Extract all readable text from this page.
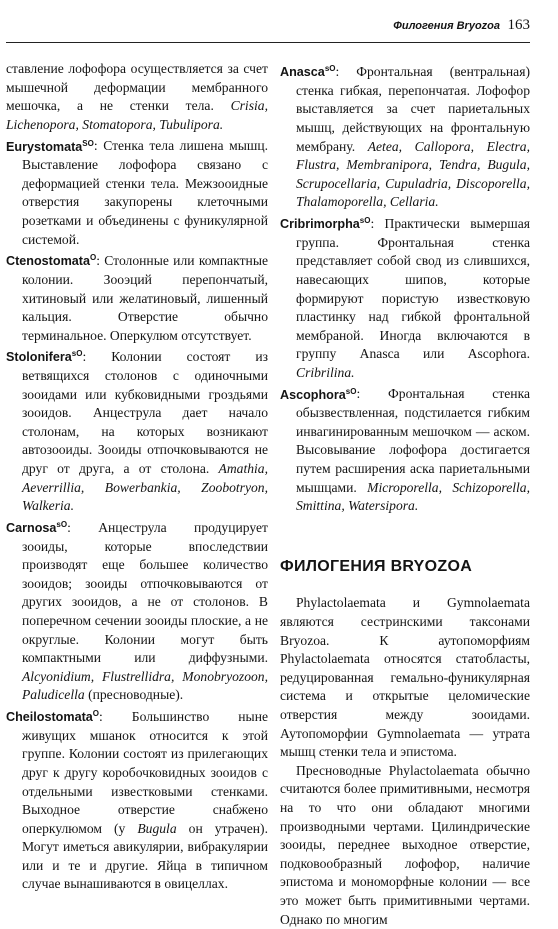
Филогения Bryozoa 163

ставление лофофора осуществляется за счет мышечной деформации мембранного мешочка, а не стенки тела. Crisia, Lichenopora, Stomatopora, Tubulipora.

Eurystomata$^{SO}$: Стенка тела лишена мышц. Выставление лофофора связано с деформацией стенки тела. Межзооидные отверстия закупорены клеточными розетками и объединены с фуникулярной системой.

Ctenostomata$^O$: Столонные или компактные колонии. Зооэций перепончатый, хитиновый или желатиновый, лишенный кальция. Отверстие обычно терминальное. Оперкулюм отсутствует.

Stolonifera$^{sO}$: Колонии состоят из ветвящихся столонов с одиночными зооидами или кубковидными гроздьями зооидов. Анцеструла дает начало столонам, на которых возникают автозооиды. Зооиды отпочковываются не друг от друга, а от столона. Amathia, Aeverrillia, Bowerbankia, Zoobotryon, Walkeria.

Carnosa$^{sO}$: Анцеструла продуцирует зооиды, которые впоследствии производят еще большее количество зооидов; зооиды отпочковываются от других зооидов, а не от столонов. В поперечном сечении зооиды плоские, а не округлые. Колонии могут быть компактными или диффузными. Alcyonidium, Flustrellidra, Monobryozoon, Paludicella (пресноводные).

Cheilostomata$^O$: Большинство ныне живущих мшанок относится к этой группе. Колонии состоят из прилегающих друг к другу коробочковидных зооидов с отдельными известковыми стенками. Выходное отверстие снабжено оперкулюмом (у Bugula он утрачен). Могут иметься авикулярии, вибракулярии или и те и другие. Яйца в типичном случае вынашиваются в овицеллах.

Anasca$^{sO}$: Фронтальная (вентральная) стенка гибкая, перепончатая. Лофофор выставляется за счет париетальных мышц, действующих на фронтальную мембрану. Aetea, Callopora, Electra, Flustra, Membranipora, Tendra, Bugula, Scrupocellaria, Cupuladria, Discoporella, Thalamoporella, Cellaria.

Cribrimorpha$^{sO}$: Практически вымершая группа. Фронтальная стенка представляет собой свод из слившихся, навесающих шипов, которые формируют пористую известковую пластинку над гибкой фронтальной мембраной. Иногда включаются в группу Anasca или Ascophora. Cribrilina.

Ascophora$^{sO}$: Фронтальная стенка обызвествленная, подстилается гибким инвагинированным мешочком — аском. Высовывание лофофора достигается путем расширения аска париетальными мышцами. Microporella, Schizoporella, Smittina, Watersipora.

ФИЛОГЕНИЯ BRYOZOA

Phylactolaemata и Gymnolaemata являются сестринскими таксонами Bryozoa. К аутопоморфиям Phylactolaemata относятся статобласты, редуцированная гемально-фуникулярная система и открытые целомические отверстия между зооидами. Аутопоморфии Gymnolaemata — утрата мышц стенки тела и эпистома.

Пресноводные Phylactolaemata обычно считаются более примитивными, несмотря на то что они обладают многими производными чертами. Цилиндрические зооиды, переднее выходное отверстие, подковообразный лофофор, наличие эпистома и мономорфные колонии — все это может быть примитивными чертами. Однако по многим
